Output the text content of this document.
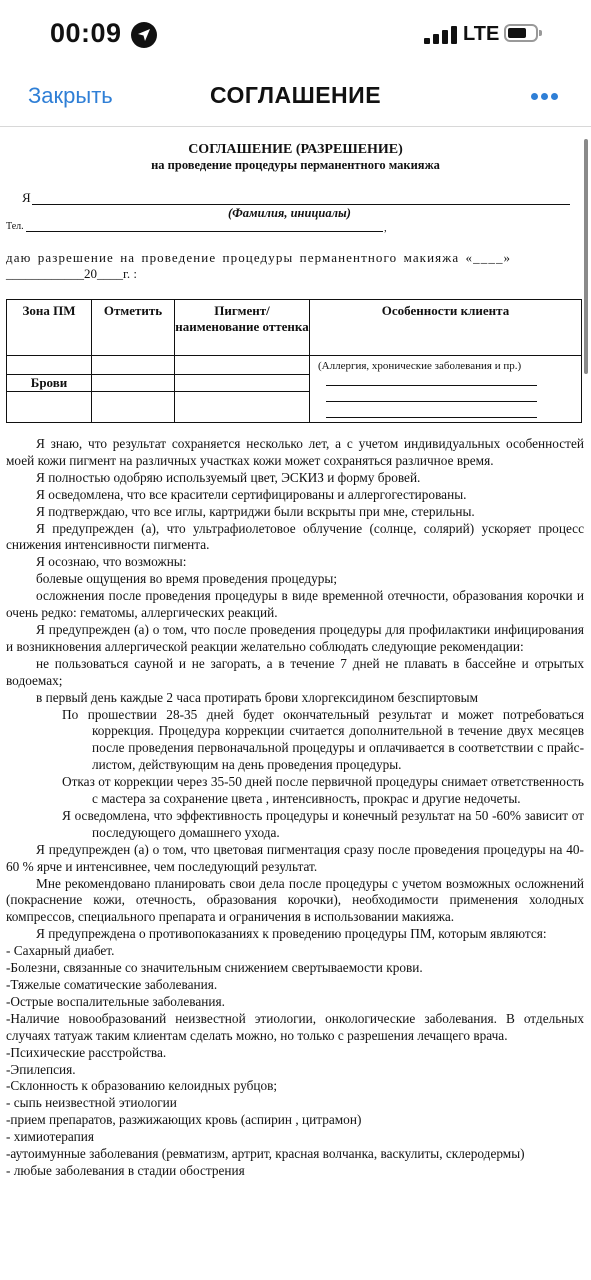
00:09	LTE
Закрыть	СОГЛАШЕНИЕ
СОГЛАШЕНИЕ (РАЗРЕШЕНИЕ)
на проведение процедуры перманентного макияжа
Я
(Фамилия, инициалы)
Тел.	,
даю разрешение на проведение процедуры перманентного макияжа «____»
____________20____г. :
Зона ПМ	Отметить	Пигмент/ наименование оттенка	Особенности клиента

			(Аллергия, хронические заболевания и пр.)

Брови			

Я знаю, что результат сохраняется несколько лет, а с учетом индивидуальных особенностей моей кожи пигмент на различных участках кожи может сохраняться различное время.

Я полностью одобряю используемый цвет, ЭСКИЗ и форму бровей.

Я осведомлена, что все красители сертифицированы и аллергогестированы.

Я подтверждаю, что все иглы, картриджи были вскрыты при мне, стерильны.

Я предупрежден (а), что ультрафиолетовое облучение (солнце, солярий) ускоряет процесс снижения интенсивности пигмента.

Я осознаю, что возможны:

болевые ощущения во время проведения процедуры;

осложнения после проведения процедуры в виде временной отечности, образования корочки и очень редко: гематомы, аллергических реакций.

Я предупрежден (а) о том, что после проведения процедуры для профилактики инфицирования и возникновения аллергической реакции желательно соблюдать следующие рекомендации:

не пользоваться сауной и не загорать, а в течение 7 дней не плавать в бассейне и отрытых водоемах;

в первый день каждые 2 часа протирать брови хлоргексидином безспиртовым

По прошествии 28-35 дней будет окончательный результат и может потребоваться коррекция. Процедура коррекции считается дополнительной в течение двух месяцев после проведения первоначальной процедуры и оплачивается в соответствии с прайс-листом, действующим на день проведения процедуры.

Отказ от коррекции через 35-50 дней после первичной процедуры снимает ответственность с мастера за сохранение цвета , интенсивность, прокрас и другие недочеты.

Я осведомлена, что эффективность процедуры и конечный результат на 50 -60% зависит от последующего домашнего ухода.

Я предупрежден (а) о том, что цветовая пигментация сразу после проведения процедуры на 40-60 % ярче и интенсивнее, чем последующий результат.

Мне рекомендовано планировать свои дела после процедуры с учетом возможных осложнений (покраснение кожи, отечность, образования корочки), необходимости применения холодных компрессов, специального препарата и ограничения в использовании макияжа.

Я предупреждена о противопоказаниях к проведению процедуры ПМ, которым являются:

- Сахарный диабет.

-Болезни, связанные со значительным снижением свертываемости крови.

-Тяжелые соматические заболевания.

-Острые воспалительные заболевания.

-Наличие новообразований неизвестной этиологии, онкологические заболевания. В отдельных случаях татуаж таким клиентам сделать можно, но только с разрешения лечащего врача.

-Психические расстройства.

-Эпилепсия.

-Склонность к образованию келоидных рубцов;

- сыпь неизвестной этиологии

-прием препаратов, разжижающих кровь (аспирин , цитрамон)

- химиотерапия

-аутоимунные заболевания (ревматизм, артрит, красная волчанка, васкулиты, склеродермы)

- любые заболевания в стадии обострения
